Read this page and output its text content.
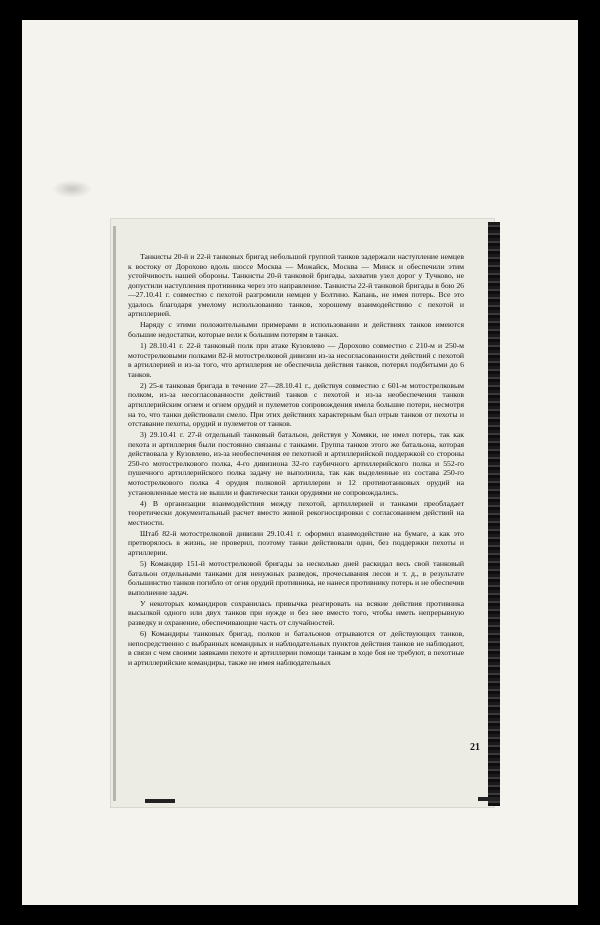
Танкисты 20-й и 22-й танковых бригад небольшой группой танков задержали наступление немцев к востоку от Дорохово вдоль шоссе Москва — Можайск, Москва — Минск и обеспечили этим устойчивость нашей обороны. Танкисты 20-й танковой бригады, захватив узел дорог у Тучково, не допустили наступления противника через это направление. Танкисты 22-й танковой бригады в бою 26—27.10.41 г. совместно с пехотой разгромили немцев у Болтино. Капань, не имея потерь. Все это удалось благодаря умелому использованию танков, хорошему взаимодействию с пехотой и артиллерией.

Наряду с этими положительными примерами в использовании и действиях танков имеются большие недостатки, которые вели к большим потерям в танках.

1) 28.10.41 г. 22-й танковый полк при атаке Кузовлево — Дорохово совместно с 210-м и 250-м мотострелковыми полками 82-й мотострелковой дивизии из-за несогласованности действий с пехотой в артиллерией и из-за того, что артиллерия не обеспечила действия танков, потерял подбитыми до 6 танков.

2) 25-я танковая бригада в течение 27—28.10.41 г., действуя совместно с 601-м мотострелковым полком, из-за несогласованности действий танков с пехотой и из-за необеспечения танков артиллерийским огнем и огнем орудий и пулеметов сопровождения имела большие потери, несмотря на то, что танки действовали смело. При этих действиях характерным был отрыв танков от пехоты и отставание пехоты, орудий и пулеметов от танков.

3) 29.10.41 г. 27-й отдельный танковый батальон, действуя у Хомяки, не имел потерь, так как пехота и артиллерия были постоянно связаны с танками. Группа танков этого же батальона, которая действовала у Кузовлево, из-за необеспечения ее пехотной и артиллерийской поддержкой со стороны 250-го мотострелкового полка, 4-го дивизиона 32-го гаубичного артиллерийского полка и 552-го пушечного артиллерийского полка задачу не выполнила, так как выделенные из состава 250-го мотострелкового полка 4 орудия полковой артиллерии и 12 противотанковых орудий на установленные места не вышли и фактически танки орудиями не сопровождались.

4) В организации взаимодействия между пехотой, артиллерией и танками преобладает теоретически документальный расчет вместо живой рекогносцировки с согласованием действий на местности.

Штаб 82-й мотострелковой дивизии 29.10.41 г. оформил взаимодействие на бумаге, а как это претворялось в жизнь, не проверил, поэтому танки действовали одни, без поддержки пехоты и артиллерии.

5) Командир 151-й мотострелковой бригады за несколько дней раскидал весь свой танковый батальон отдельными танками для ненужных разведок, прочесывания лесов и т. д., в результате большинство танков погибло от огня орудий противника, не нанеся противнику потерь и не обеспечив выполнение задач.

У некоторых командиров сохранилась привычка реагировать на всякие действия противника высылкой одного или двух танков при нужде и без нее вместо того, чтобы иметь непрерывную разведку и охранение, обеспечивающие часть от случайностей.

6) Командиры танковых бригад, полков и батальонов отрываются от действующих танков, непосредственно с выбранных командных и наблюдательных пунктов действия танков не наблюдают, в связи с чем своими заявками пехоте и артиллерии помощи танкам в ходе боя не требуют, в пехотные и артиллерийские командиры, также не имея наблюдательных

21
